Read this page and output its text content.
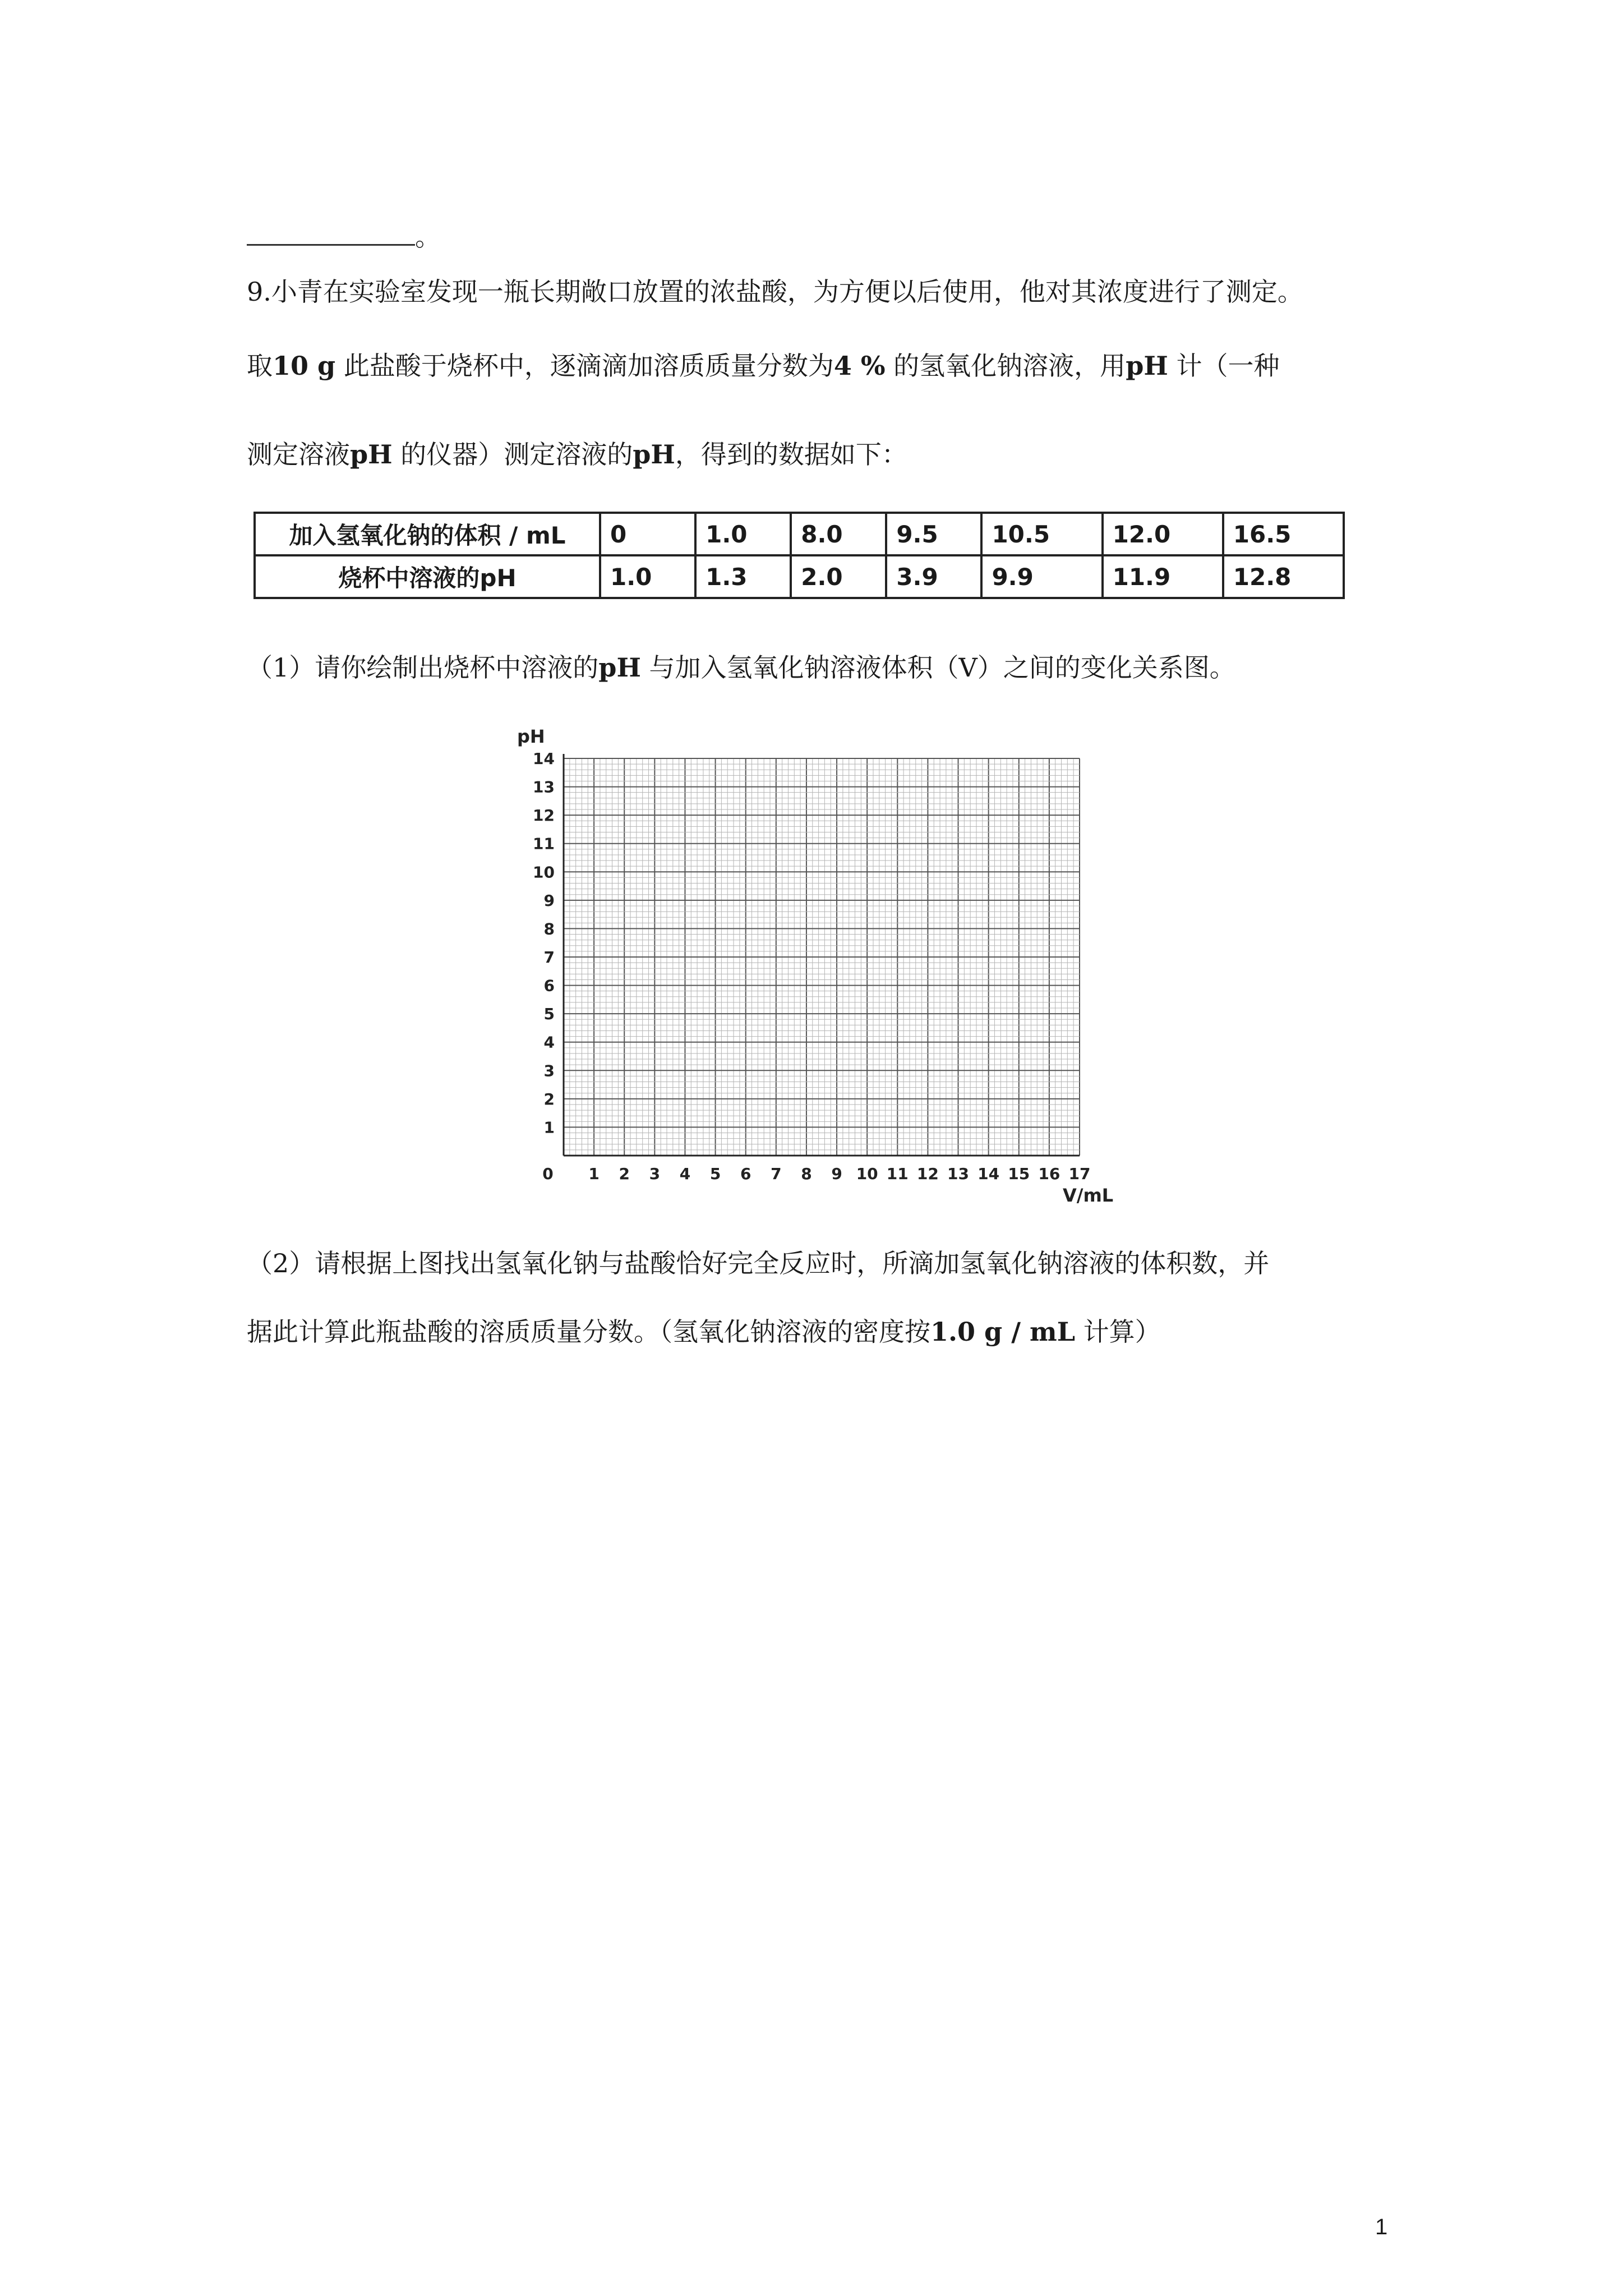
。
9.小青在实验室发现一瓶长期敞口放置的浓盐酸，为方便以后使用，他对其浓度进行了测定。
取10 g 此盐酸于烧杯中，逐滴滴加溶质质量分数为4 % 的氢氧化钠溶液，用pH 计（一种
测定溶液pH 的仪器）测定溶液的pH，得到的数据如下：
加入氢氧化钠的体积 / mL	0	1.0	8.0	9.5	10.5	12.0	16.5
烧杯中溶液的pH	1.0	1.3	2.0	3.9	9.9	11.9	12.8
（1）请你绘制出烧杯中溶液的pH 与加入氢氧化钠溶液体积（V）之间的变化关系图。
0 1 2 3 4 5 6 7 8 9 10 11 12 13 14 15 16 17
1
2
3
4
5
6
7
8
9
10
11
12
13
14
pH
V/mL
（2）请根据上图找出氢氧化钠与盐酸恰好完全反应时，所滴加氢氧化钠溶液的体积数，并
据此计算此瓶盐酸的溶质质量分数。（氢氧化钠溶液的密度按1.0 g / mL 计算）
1
